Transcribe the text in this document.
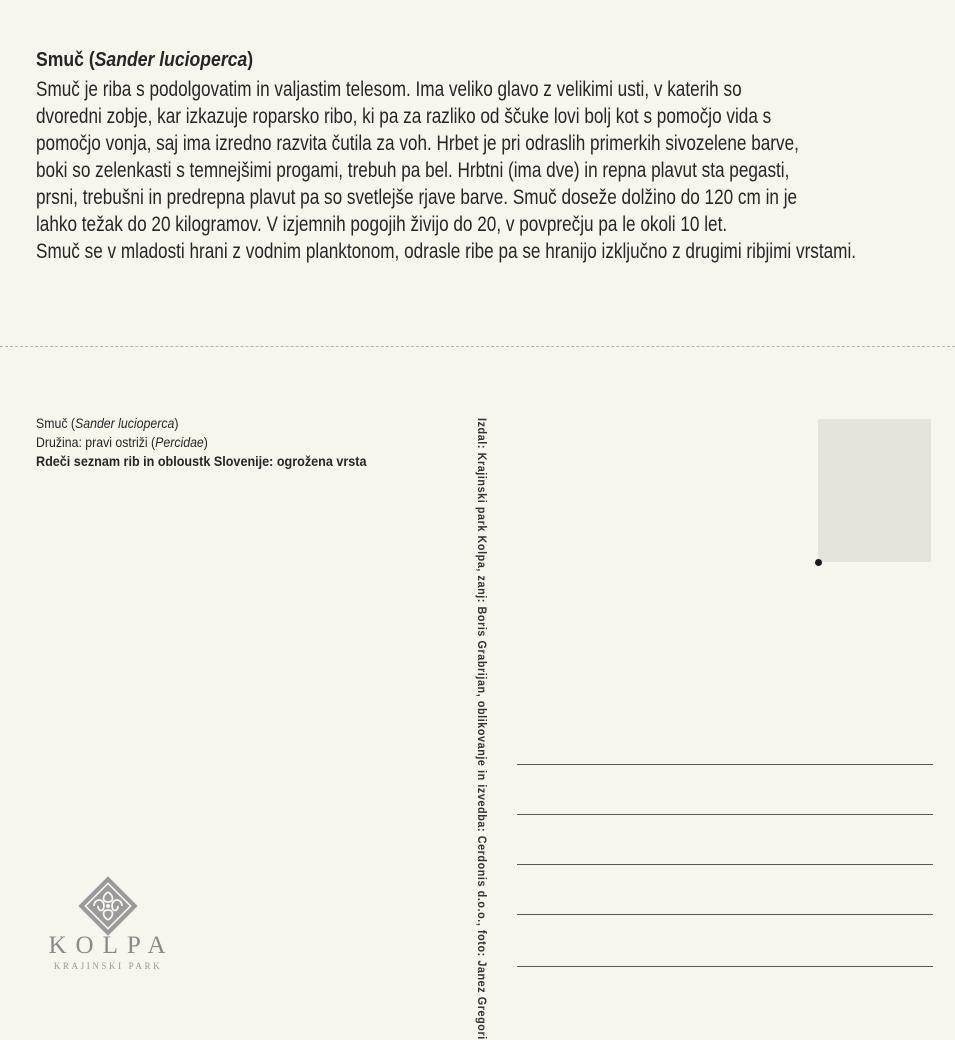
Smuč (Sander lucioperca)
Smuč je riba s podolgovatim in valjastim telesom. Ima veliko glavo z velikimi usti, v katerih so
dvoredni zobje, kar izkazuje roparsko ribo, ki pa za razliko od ščuke lovi bolj kot s pomočjo vida s
pomočjo vonja, saj ima izredno razvita čutila za voh. Hrbet je pri odraslih primerkih sivozelene barve,
boki so zelenkasti s temnejšimi progami, trebuh pa bel. Hrbtni (ima dve) in repna plavut sta pegasti,
prsni, trebušni in predrepna plavut pa so svetlejše rjave barve. Smuč doseže dolžino do 120 cm in je
lahko težak do 20 kilogramov. V izjemnih pogojih živijo do 20, v povprečju pa le okoli 10 let.
Smuč se v mladosti hrani z vodnim planktonom, odrasle ribe pa se hranijo izključno z drugimi ribjimi vrstami.
Smuč (Sander lucioperca)
Družina: pravi ostriži (Percidae)
Rdeči seznam rib in obloustk Slovenije: ogrožena vrsta	Izdal: Krajinski park Kolpa, zanj: Boris Grabrijan, oblikovanje in izvedba: Cerdonis d.o.o., foto: Janez Gregori
KOLPA
KRAJINSKI PARK
